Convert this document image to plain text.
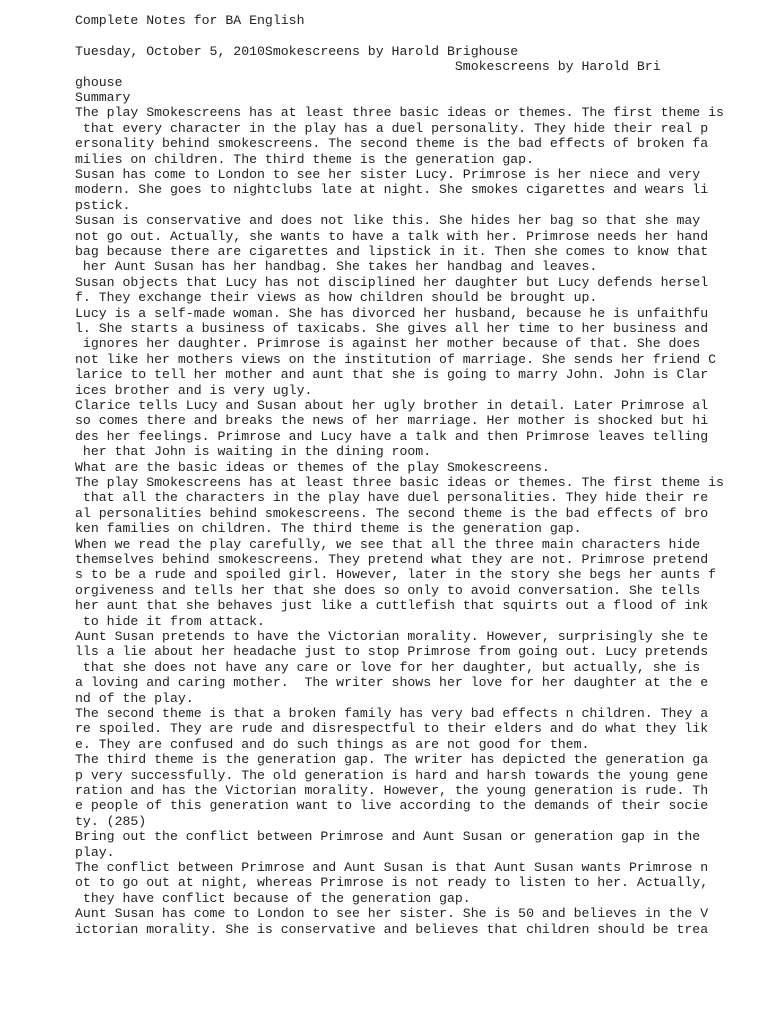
Complete Notes for BA English

Tuesday, October 5, 2010Smokescreens by Harold Brighouse

Smokescreens by Harold Bri

ghouse

Summary

The play Smokescreens has at least three basic ideas or themes. The first theme is

that every character in the play has a duel personality. They hide their real p

ersonality behind smokescreens. The second theme is the bad effects of broken fa

milies on children. The third theme is the generation gap.

Susan has come to London to see her sister Lucy. Primrose is her niece and very

modern. She goes to nightclubs late at night. She smokes cigarettes and wears li

pstick.

Susan is conservative and does not like this. She hides her bag so that she may

not go out. Actually, she wants to have a talk with her. Primrose needs her hand

bag because there are cigarettes and lipstick in it. Then she comes to know that

her Aunt Susan has her handbag. She takes her handbag and leaves.

Susan objects that Lucy has not disciplined her daughter but Lucy defends hersel

f. They exchange their views as how children should be brought up.

Lucy is a self-made woman. She has divorced her husband, because he is unfaithfu

l. She starts a business of taxicabs. She gives all her time to her business and

ignores her daughter. Primrose is against her mother because of that. She does

not like her mothers views on the institution of marriage. She sends her friend C

larice to tell her mother and aunt that she is going to marry John. John is Clar

ices brother and is very ugly.

Clarice tells Lucy and Susan about her ugly brother in detail. Later Primrose al

so comes there and breaks the news of her marriage. Her mother is shocked but hi

des her feelings. Primrose and Lucy have a talk and then Primrose leaves telling

her that John is waiting in the dining room.

What are the basic ideas or themes of the play Smokescreens.

The play Smokescreens has at least three basic ideas or themes. The first theme is

that all the characters in the play have duel personalities. They hide their re

al personalities behind smokescreens. The second theme is the bad effects of bro

ken families on children. The third theme is the generation gap.

When we read the play carefully, we see that all the three main characters hide

themselves behind smokescreens. They pretend what they are not. Primrose pretend

s to be a rude and spoiled girl. However, later in the story she begs her aunts f

orgiveness and tells her that she does so only to avoid conversation. She tells

her aunt that she behaves just like a cuttlefish that squirts out a flood of ink

to hide it from attack.

Aunt Susan pretends to have the Victorian morality. However, surprisingly she te

lls a lie about her headache just to stop Primrose from going out. Lucy pretends

that she does not have any care or love for her daughter, but actually, she is

a loving and caring mother.  The writer shows her love for her daughter at the e

nd of the play.

The second theme is that a broken family has very bad effects n children. They a

re spoiled. They are rude and disrespectful to their elders and do what they lik

e. They are confused and do such things as are not good for them.

The third theme is the generation gap. The writer has depicted the generation ga

p very successfully. The old generation is hard and harsh towards the young gene

ration and has the Victorian morality. However, the young generation is rude. Th

e people of this generation want to live according to the demands of their socie

ty. (285)

Bring out the conflict between Primrose and Aunt Susan or generation gap in the

play.

The conflict between Primrose and Aunt Susan is that Aunt Susan wants Primrose n

ot to go out at night, whereas Primrose is not ready to listen to her. Actually,

they have conflict because of the generation gap.

Aunt Susan has come to London to see her sister. She is 50 and believes in the V

ictorian morality. She is conservative and believes that children should be trea
